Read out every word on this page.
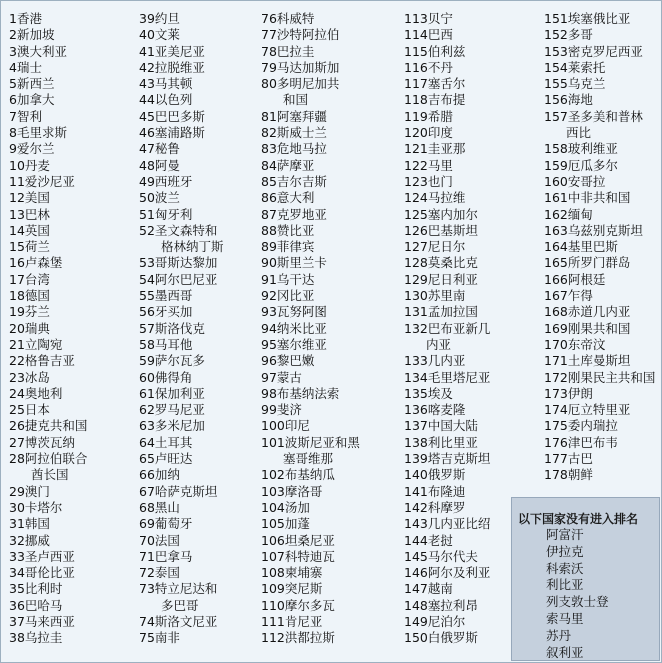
1香港
2新加坡
3澳大利亚
4瑞士
5新西兰
6加拿大
7智利
8毛里求斯
9爱尔兰
10丹麦
11爱沙尼亚
12美国
13巴林
14英国
15荷兰
16卢森堡
17台湾
18德国
19芬兰
20瑞典
21立陶宛
22格鲁吉亚
23冰岛
24奥地利
25日本
26捷克共和国
27博茨瓦纳
28阿拉伯联合
酋长国
29澳门
30卡塔尔
31韩国
32挪威
33圣卢西亚
34哥伦比亚
35比利时
36巴哈马
37马来西亚
38乌拉圭
39约旦
40文莱
41亚美尼亚
42拉脱维亚
43马其顿
44以色列
45巴巴多斯
46塞浦路斯
47秘鲁
48阿曼
49西班牙
50波兰
51匈牙利
52圣文森特和
格林纳丁斯
53哥斯达黎加
54阿尔巴尼亚
55墨西哥
56牙买加
57斯洛伐克
58马耳他
59萨尔瓦多
60佛得角
61保加利亚
62罗马尼亚
63多米尼加
64土耳其
65卢旺达
66加纳
67哈萨克斯坦
68黑山
69葡萄牙
70法国
71巴拿马
72泰国
73特立尼达和
多巴哥
74斯洛文尼亚
75南非
76科威特
77沙特阿拉伯
78巴拉圭
79马达加斯加
80多明尼加共
和国
81阿塞拜疆
82斯威士兰
83危地马拉
84萨摩亚
85吉尔吉斯
86意大利
87克罗地亚
88赞比亚
89菲律宾
90斯里兰卡
91乌干达
92冈比亚
93瓦努阿图
94纳米比亚
95塞尔维亚
96黎巴嫩
97蒙古
98布基纳法索
99斐济
100印尼
101波斯尼亚和黑
塞哥维那
102布基纳瓜
103摩洛哥
104汤加
105加蓬
106坦桑尼亚
107科特迪瓦
108柬埔寨
109突尼斯
110摩尔多瓦
111肯尼亚
112洪都拉斯
113贝宁
114巴西
115伯利兹
116不丹
117塞舌尔
118吉布提
119希腊
120印度
121圭亚那
122马里
123也门
124马拉维
125塞内加尔
126巴基斯坦
127尼日尔
128莫桑比克
129尼日利亚
130苏里南
131孟加拉国
132巴布亚新几
内亚
133几内亚
134毛里塔尼亚
135埃及
136喀麦隆
137中国大陆
138利比里亚
139塔吉克斯坦
140俄罗斯
141布隆迪
142科摩罗
143几内亚比绍
144老挝
145马尔代夫
146阿尔及利亚
147越南
148塞拉利昂
149尼泊尔
150白俄罗斯
151埃塞俄比亚
152多哥
153密克罗尼西亚
154莱索托
155乌克兰
156海地
157圣多美和普林
西比
158玻利维亚
159厄瓜多尔
160安哥拉
161中非共和国
162缅甸
163乌兹别克斯坦
164基里巴斯
165所罗门群岛
166阿根廷
167乍得
168赤道几内亚
169刚果共和国
170东帝汶
171土库曼斯坦
172刚果民主共和国
173伊朗
174厄立特里亚
175委内瑞拉
176津巴布韦
177古巴
178朝鲜
以下国家没有进入排名
阿富汗
伊拉克
科索沃
利比亚
列支敦士登
索马里
苏丹
叙利亚
